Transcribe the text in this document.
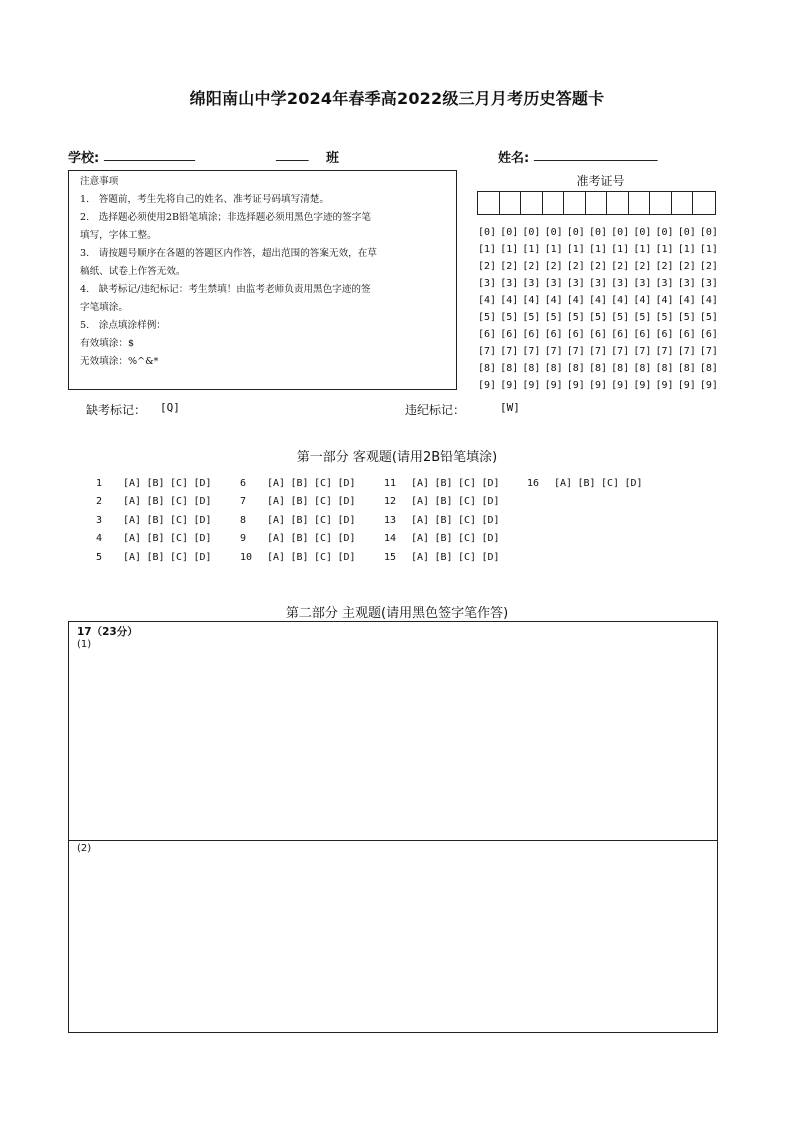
绵阳南山中学2024年春季高2022级三月月考历史答题卡
学校: ______________	_____ 班	姓名: ___________________
注意事项
1.　答题前，考生先将自己的姓名、准考证号码填写清楚。
2.　选择题必须使用2B铅笔填涂；非选择题必须用黑色字迹的签字笔
填写，字体工整。
3.　请按题号顺序在各题的答题区内作答，超出范围的答案无效，在草
稿纸、试卷上作答无效。
4.　缺考标记/违纪标记：考生禁填！由监考老师负责用黑色字迹的签
字笔填涂。
5.　涂点填涂样例：
有效填涂：$
无效填涂：%^&*
准考证号
[0] [0] [0] [0] [0] [0] [0] [0] [0] [0] [0]
[1] [1] [1] [1] [1] [1] [1] [1] [1] [1] [1]
[2] [2] [2] [2] [2] [2] [2] [2] [2] [2] [2]
[3] [3] [3] [3] [3] [3] [3] [3] [3] [3] [3]
[4] [4] [4] [4] [4] [4] [4] [4] [4] [4] [4]
[5] [5] [5] [5] [5] [5] [5] [5] [5] [5] [5]
[6] [6] [6] [6] [6] [6] [6] [6] [6] [6] [6]
[7] [7] [7] [7] [7] [7] [7] [7] [7] [7] [7]
[8] [8] [8] [8] [8] [8] [8] [8] [8] [8] [8]
[9] [9] [9] [9] [9] [9] [9] [9] [9] [9] [9]
缺考标记： [Q]	违纪标记：	[W]
第一部分 客观题(请用2B铅笔填涂)
1	[A] [B] [C] [D]
2	[A] [B] [C] [D]
3	[A] [B] [C] [D]
4	[A] [B] [C] [D]
5	[A] [B] [C] [D]
6	[A] [B] [C] [D]
7	[A] [B] [C] [D]
8	[A] [B] [C] [D]
9	[A] [B] [C] [D]
10	[A] [B] [C] [D]
11	[A] [B] [C] [D]
12	[A] [B] [C] [D]
13	[A] [B] [C] [D]
14	[A] [B] [C] [D]
15	[A] [B] [C] [D]
16	[A] [B] [C] [D]
第二部分 主观题(请用黑色签字笔作答)
17（23分）
(1)
(2)
